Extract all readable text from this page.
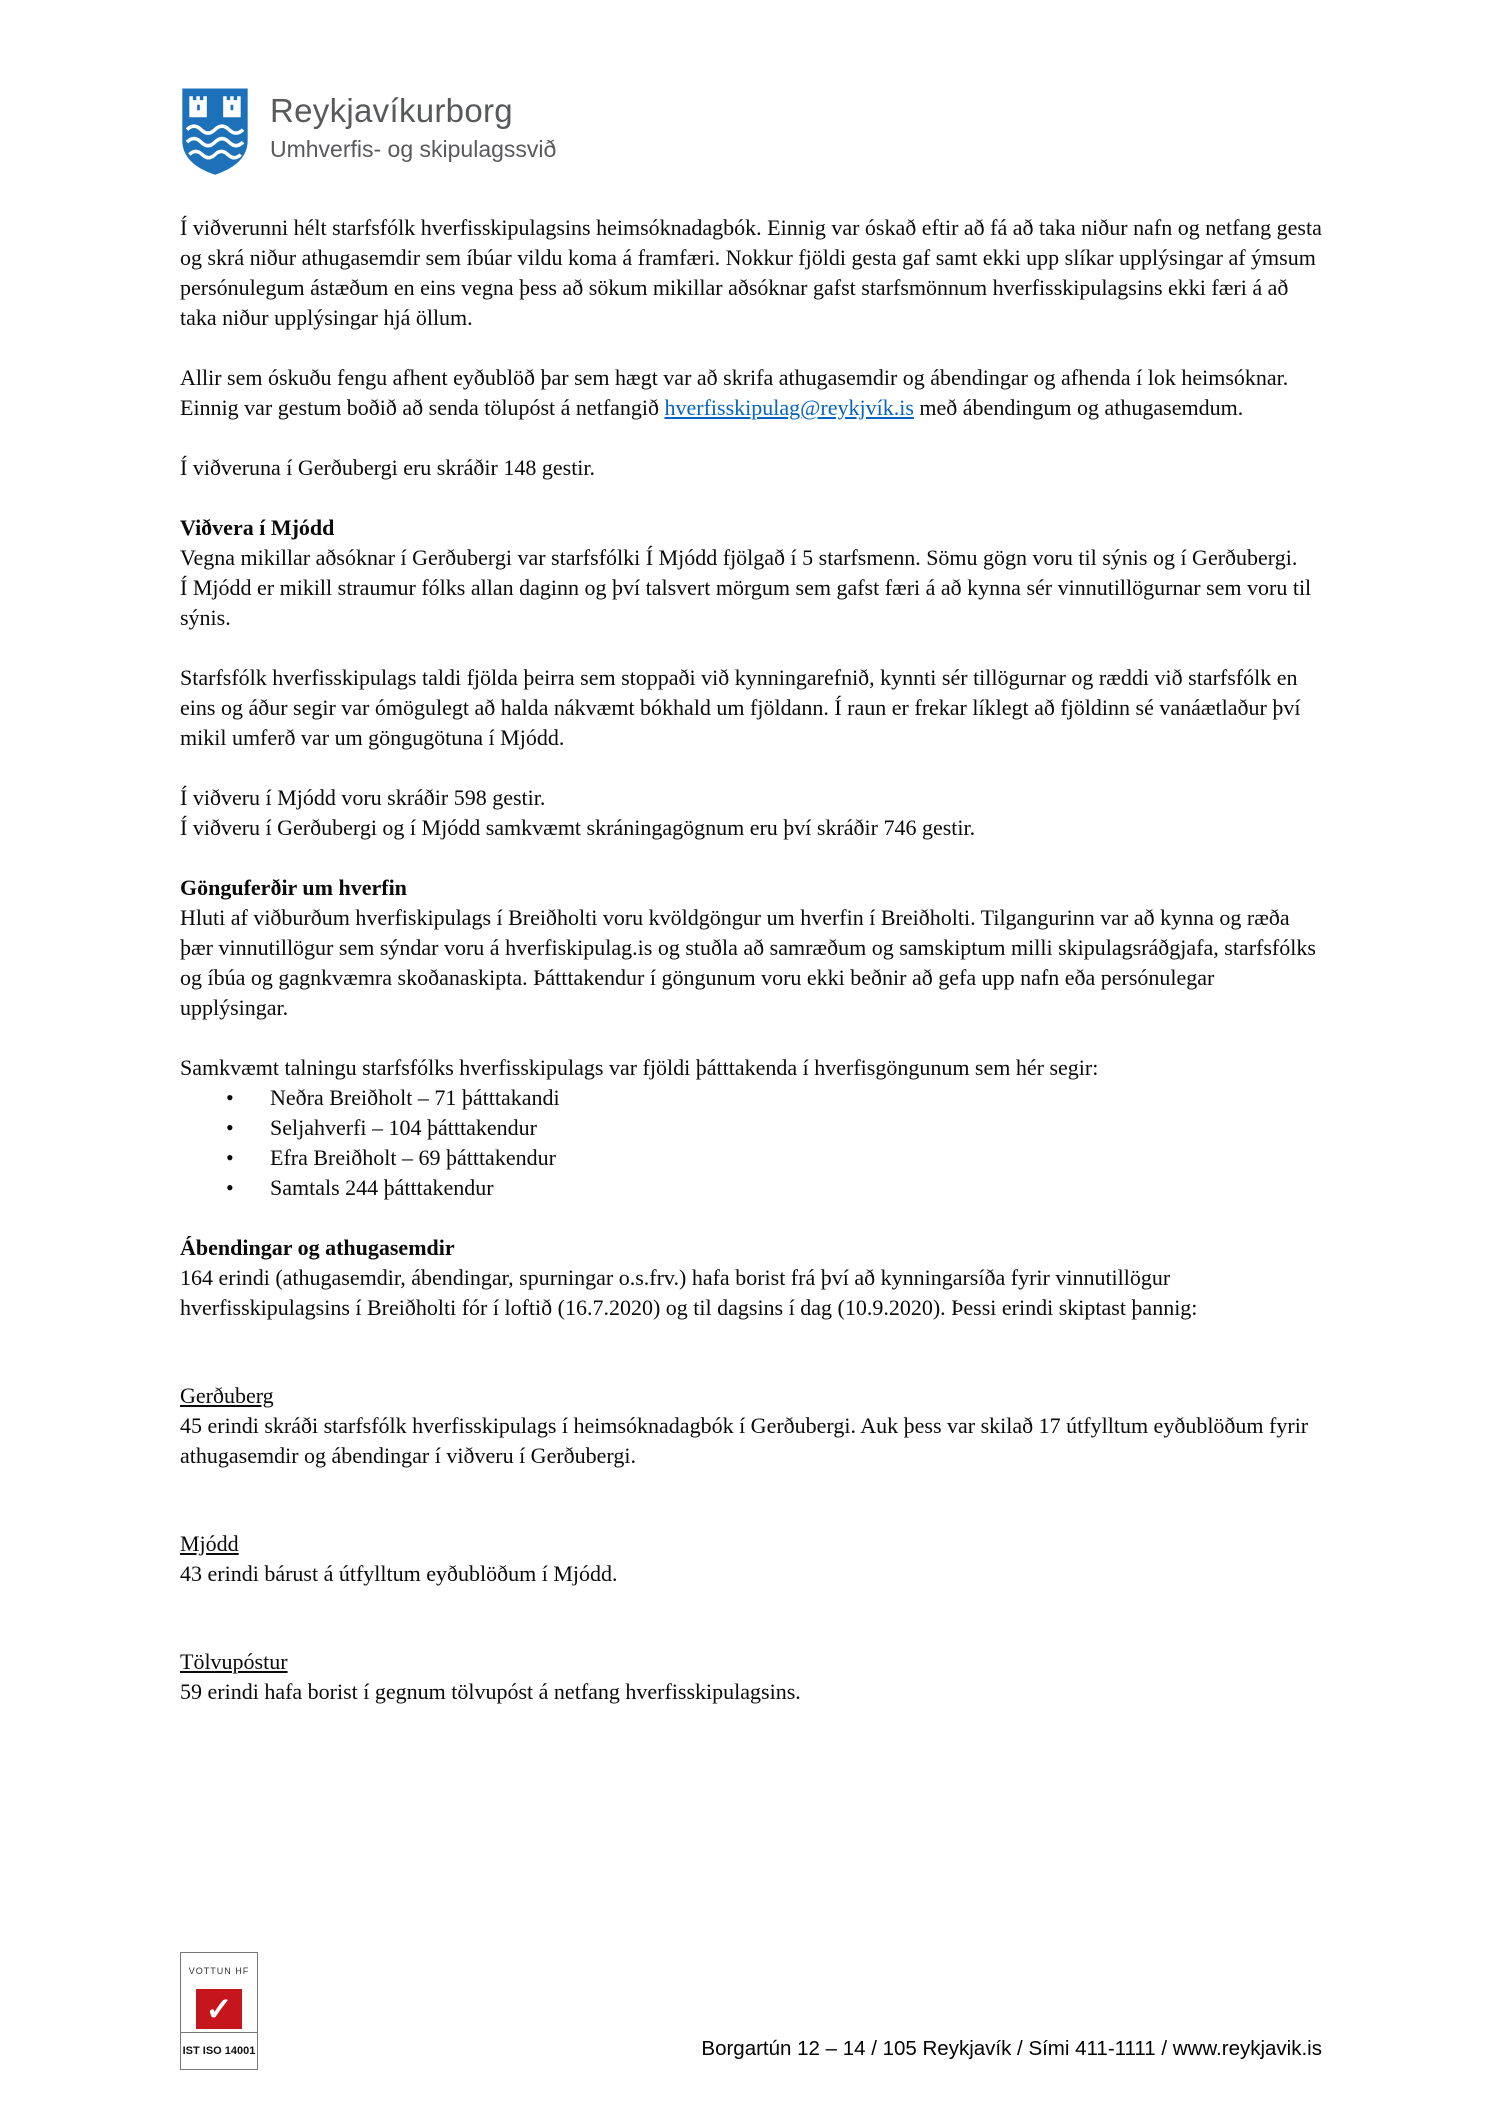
Reykjavíkurborg
Umhverfis- og skipulagssvið

Í viðverunni hélt starfsfólk hverfisskipulagsins heimsóknadagbók. Einnig var óskað eftir að fá að taka niður nafn og netfang gesta og skrá niður athugasemdir sem íbúar vildu koma á framfæri. Nokkur fjöldi gesta gaf samt ekki upp slíkar upplýsingar af ýmsum persónulegum ástæðum en eins vegna þess að sökum mikillar aðsóknar gafst starfsmönnum hverfisskipulagsins ekki færi á að taka niður upplýsingar hjá öllum.

Allir sem óskuðu fengu afhent eyðublöð þar sem hægt var að skrifa athugasemdir og ábendingar og afhenda í lok heimsóknar. Einnig var gestum boðið að senda tölupóst á netfangið hverfisskipulag@reykjvík.is með ábendingum og athugasemdum.

Í viðveruna í Gerðubergi eru skráðir 148 gestir.

Viðvera í Mjódd

Vegna mikillar aðsóknar í Gerðubergi var starfsfólki Í Mjódd fjölgað í 5 starfsmenn. Sömu gögn voru til sýnis og í Gerðubergi.

Í Mjódd er mikill straumur fólks allan daginn og því talsvert mörgum sem gafst færi á að kynna sér vinnutillögurnar sem voru til sýnis.

Starfsfólk hverfisskipulags taldi fjölda þeirra sem stoppaði við kynningarefnið, kynnti sér tillögurnar og ræddi við starfsfólk en eins og áður segir var ómögulegt að halda nákvæmt bókhald um fjöldann. Í raun er frekar líklegt að fjöldinn sé vanáætlaður því mikil umferð var um göngugötuna í Mjódd.

Í viðveru í Mjódd voru skráðir 598 gestir.

Í viðveru í Gerðubergi og í Mjódd samkvæmt skráningagögnum eru því skráðir 746 gestir.

Gönguferðir um hverfin

Hluti af viðburðum hverfiskipulags í Breiðholti voru kvöldgöngur um hverfin í Breiðholti. Tilgangurinn var að kynna og ræða þær vinnutillögur sem sýndar voru á hverfiskipulag.is og stuðla að samræðum og samskiptum milli skipulagsráðgjafa, starfsfólks og íbúa og gagnkvæmra skoðanaskipta. Þátttakendur í göngunum voru ekki beðnir að gefa upp nafn eða persónulegar upplýsingar.

Samkvæmt talningu starfsfólks hverfisskipulags var fjöldi þátttakenda í hverfisgöngunum sem hér segir:

• Neðra Breiðholt – 71 þátttakandi
• Seljahverfi – 104 þátttakendur
• Efra Breiðholt – 69 þátttakendur
• Samtals 244 þátttakendur

Ábendingar og athugasemdir

164 erindi (athugasemdir, ábendingar, spurningar o.s.frv.) hafa borist frá því að kynningarsíða fyrir vinnutillögur hverfisskipulagsins í Breiðholti fór í loftið (16.7.2020) og til dagsins í dag (10.9.2020). Þessi erindi skiptast þannig:

Gerðuberg

45 erindi skráði starfsfólk hverfisskipulags í heimsóknadagbók í Gerðubergi. Auk þess var skilað 17 útfylltum eyðublöðum fyrir athugasemdir og ábendingar í viðveru í Gerðubergi.

Mjódd

43 erindi bárust á útfylltum eyðublöðum í Mjódd.

Tölvupóstur

59 erindi hafa borist í gegnum tölvupóst á netfang hverfisskipulagsins.

VOTTUN HF
✓
IST ISO 14001	Borgartún 12 – 14 / 105 Reykjavík / Sími 411-1111 / www.reykjavik.is
